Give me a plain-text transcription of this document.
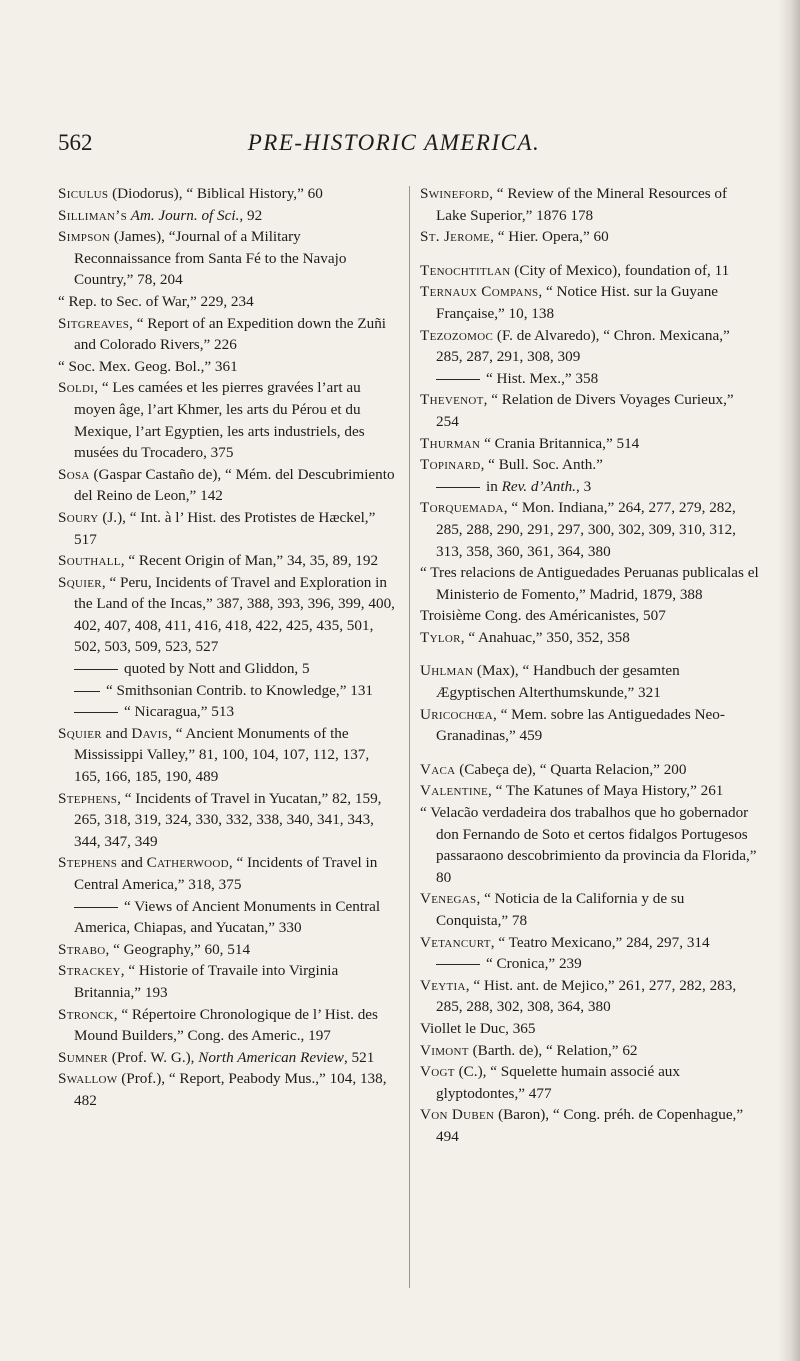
562	PRE-HISTORIC AMERICA.

Siculus (Diodorus), “ Biblical History,” 60

Silliman’s Am. Journ. of Sci., 92

Simpson (James), “Journal of a Military Reconnaissance from Santa Fé to the Navajo Country,” 78, 204

“ Rep. to Sec. of War,” 229, 234

Sitgreaves, “ Report of an Expedition down the Zuñi and Colorado Rivers,” 226

“ Soc. Mex. Geog. Bol.,” 361

Soldi, “ Les camées et les pierres gravées l’art au moyen âge, l’art Khmer, les arts du Pérou et du Mexique, l’art Egyptien, les arts industriels, des musées du Trocadero, 375

Sosa (Gaspar Castaño de), “ Mém. del Descubrimiento del Reino de Leon,” 142

Soury (J.), “ Int. à l’ Hist. des Protistes de Hæckel,” 517

Southall, “ Recent Origin of Man,” 34, 35, 89, 192

Squier, “ Peru, Incidents of Travel and Exploration in the Land of the Incas,” 387, 388, 393, 396, 399, 400, 402, 407, 408, 411, 416, 418, 422, 425, 435, 501, 502, 503, 509, 523, 527

quoted by Nott and Gliddon, 5

“ Smithsonian Contrib. to Knowledge,” 131

“ Nicaragua,” 513

Squier and Davis, “ Ancient Monuments of the Mississippi Valley,” 81, 100, 104, 107, 112, 137, 165, 166, 185, 190, 489

Stephens, “ Incidents of Travel in Yucatan,” 82, 159, 265, 318, 319, 324, 330, 332, 338, 340, 341, 343, 344, 347, 349

Stephens and Catherwood, “ Incidents of Travel in Central America,” 318, 375

“ Views of Ancient Monuments in Central America, Chiapas, and Yucatan,” 330

Strabo, “ Geography,” 60, 514

Strackey, “ Historie of Travaile into Virginia Britannia,” 193

Stronck, “ Répertoire Chronologique de l’ Hist. des Mound Builders,” Cong. des Americ., 197

Sumner (Prof. W. G.), North American Review, 521

Swallow (Prof.), “ Report, Peabody Mus.,” 104, 138, 482

Swineford, “ Review of the Mineral Resources of Lake Superior,” 1876 178

St. Jerome, “ Hier. Opera,” 60

Tenochtitlan (City of Mexico), foundation of, 11

Ternaux Compans, “ Notice Hist. sur la Guyane Française,” 10, 138

Tezozomoc (F. de Alvaredo), “ Chron. Mexicana,” 285, 287, 291, 308, 309

“ Hist. Mex.,” 358

Thevenot, “ Relation de Divers Voyages Curieux,” 254

Thurman “ Crania Britannica,” 514

Topinard, “ Bull. Soc. Anth.”

in Rev. d’Anth., 3

Torquemada, “ Mon. Indiana,” 264, 277, 279, 282, 285, 288, 290, 291, 297, 300, 302, 309, 310, 312, 313, 358, 360, 361, 364, 380

“ Tres relacions de Antiguedades Peruanas publicalas el Ministerio de Fomento,” Madrid, 1879, 388

Troisième Cong. des Américanistes, 507

Tylor, “ Anahuac,” 350, 352, 358

Uhlman (Max), “ Handbuch der gesamten Ægyptischen Alterthumskunde,” 321

Uricochœa, “ Mem. sobre las Antiguedades Neo-Granadinas,” 459

Vaca (Cabeça de), “ Quarta Relacion,” 200

Valentine, “ The Katunes of Maya History,” 261

“ Velacão verdadeira dos trabalhos que ho gobernador don Fernando de Soto et certos fidalgos Portugesos passaraono descobrimiento da provincia da Florida,” 80

Venegas, “ Noticia de la California y de su Conquista,” 78

Vetancurt, “ Teatro Mexicano,” 284, 297, 314

“ Cronica,” 239

Veytia, “ Hist. ant. de Mejico,” 261, 277, 282, 283, 285, 288, 302, 308, 364, 380

Viollet le Duc, 365

Vimont (Barth. de), “ Relation,” 62

Vogt (C.), “ Squelette humain associé aux glyptodontes,” 477

Von Duben (Baron), “ Cong. préh. de Copenhague,” 494
